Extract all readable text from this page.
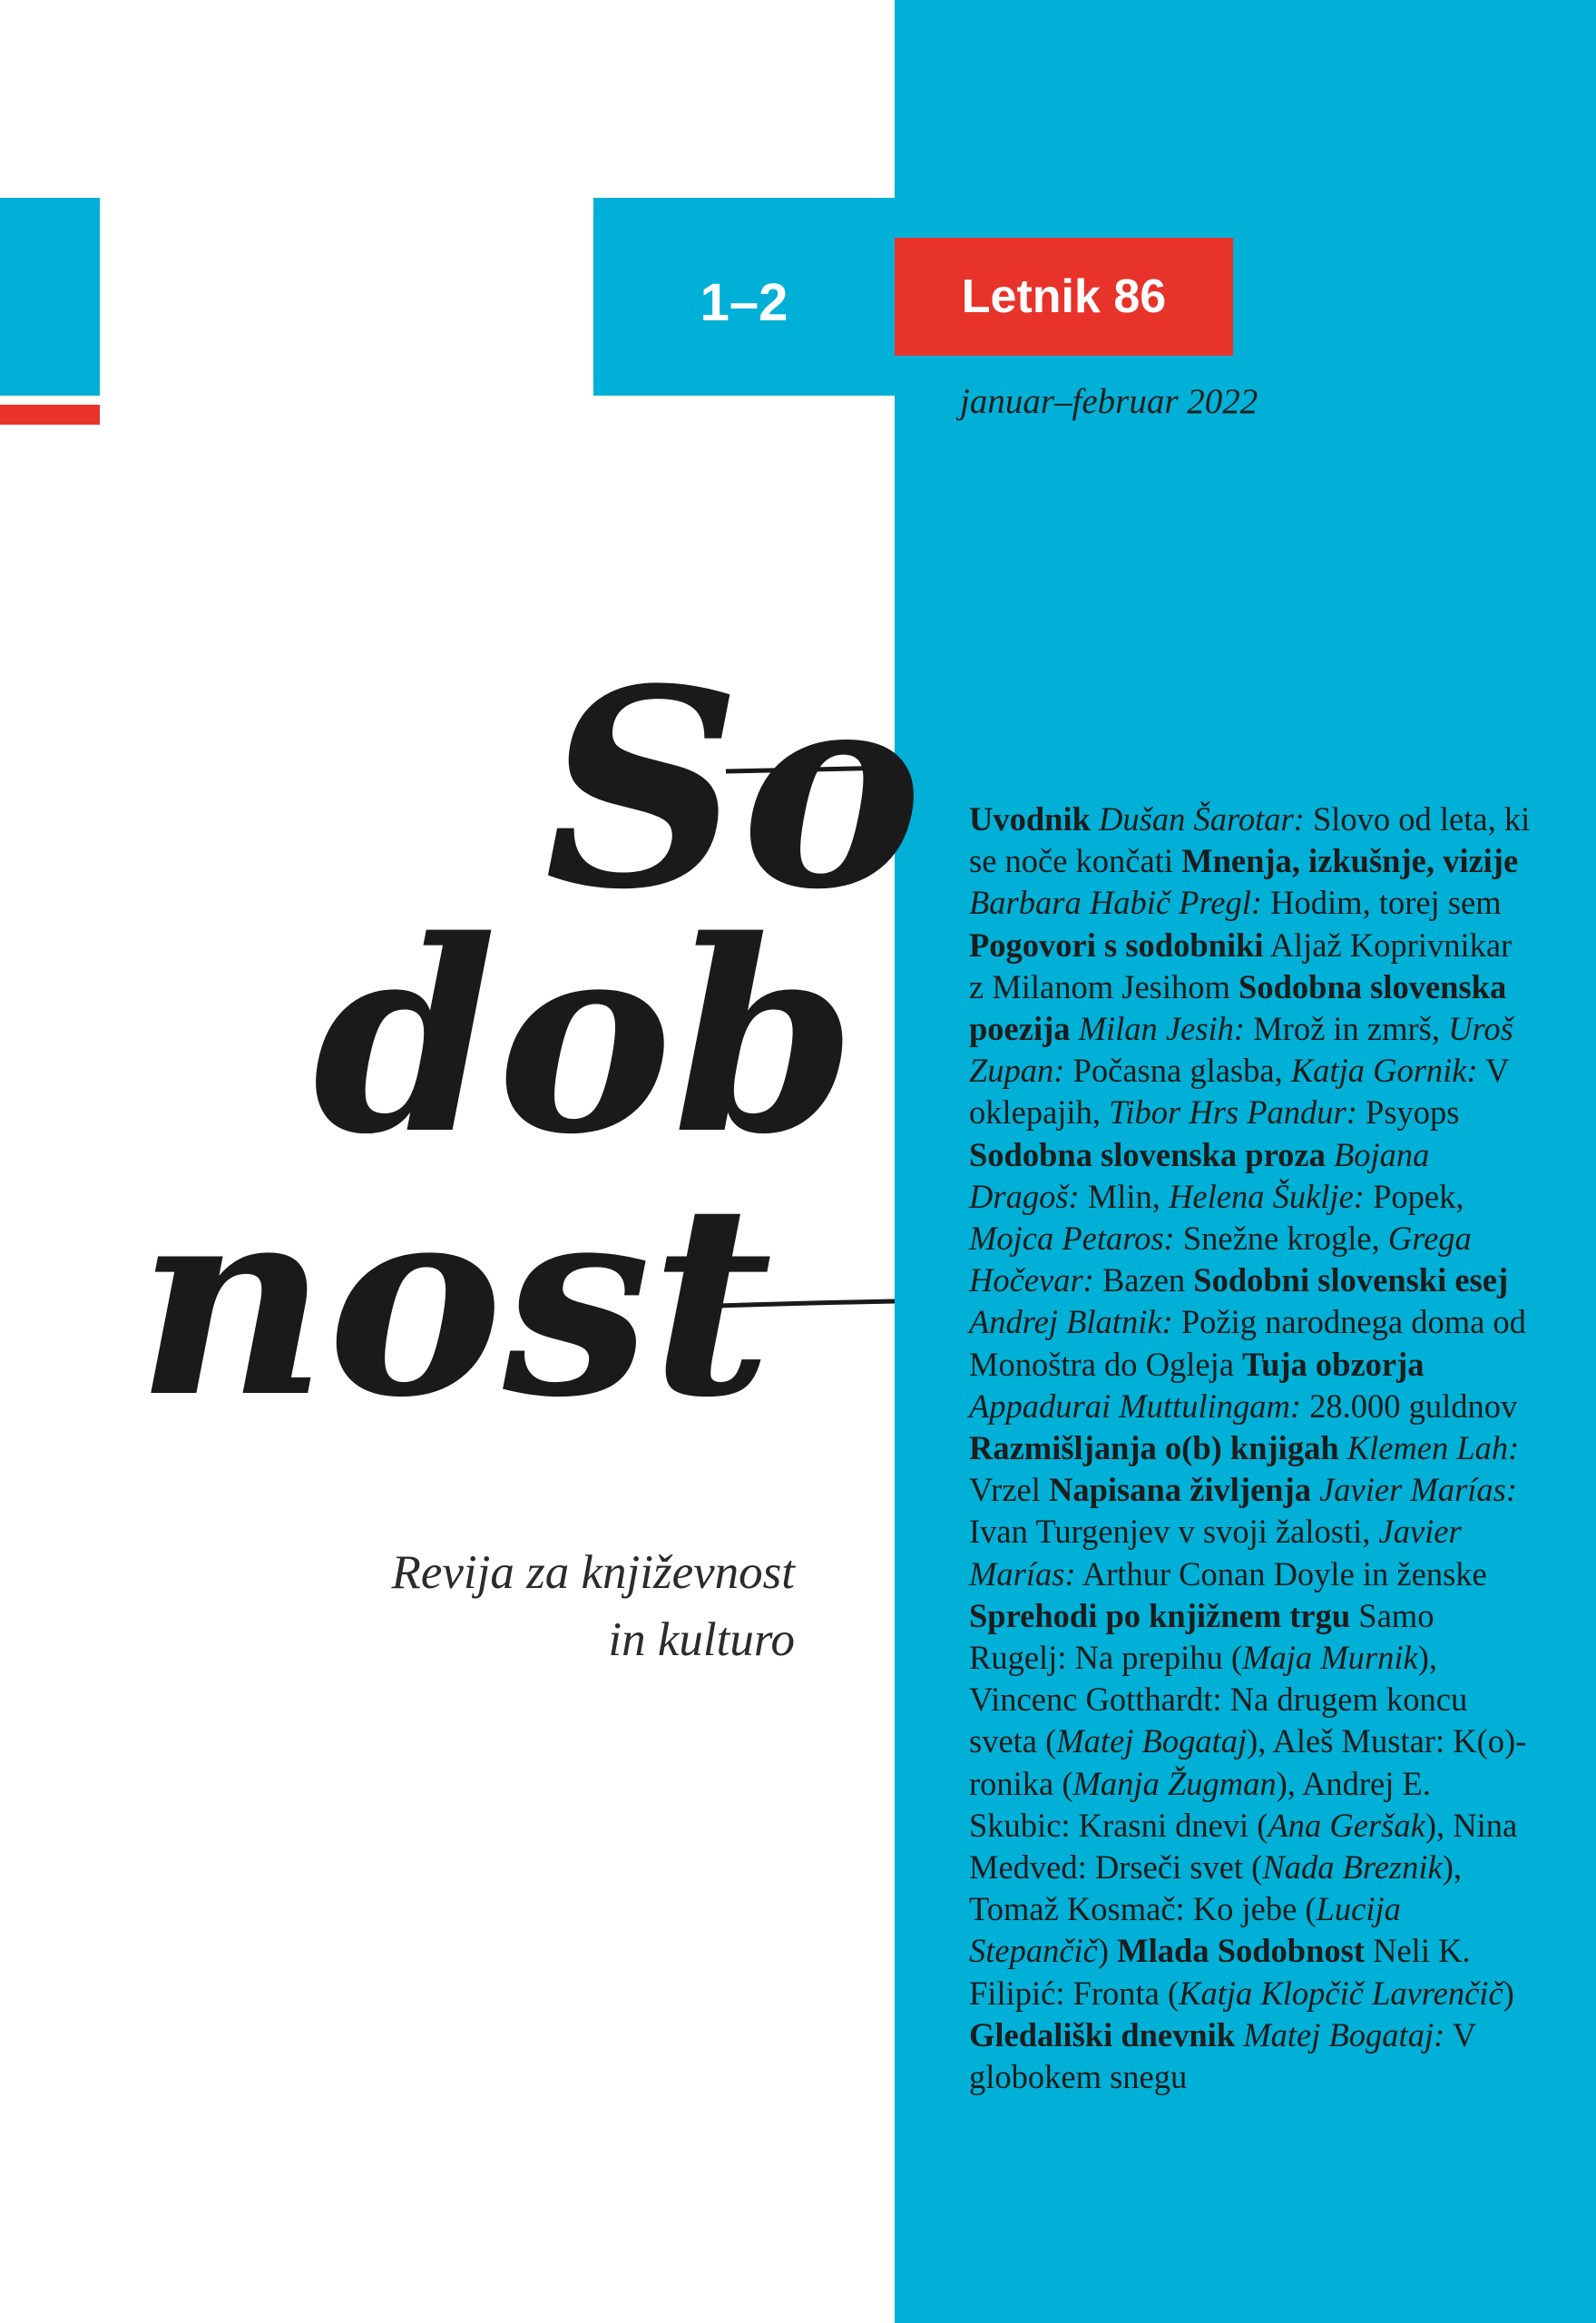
1–2	Letnik 86
januar–februar 2022
So
dob
nost
Revija za književnost
in kulturo
Uvodnik Dušan Šarotar: Slovo od leta, ki se noče končati Mnenja, izkušnje, vizije Barbara Habič Pregl: Hodim, torej sem Pogovori s sodobniki Aljaž Koprivnikar z Milanom Jesihom Sodobna slovenska poezija Milan Jesih: Mrož in zmrš, Uroš Zupan: Počasna glasba, Katja Gornik: V oklepajih, Tibor Hrs Pandur: Psyops Sodobna slovenska proza Bojana Dragoš: Mlin, Helena Šuklje: Popek, Mojca Petaros: Snežne krogle, Grega Hočevar: Bazen Sodobni slovenski esej Andrej Blatnik: Požig narodnega doma od Monoštra do Ogleja Tuja obzorja Appadurai Muttulingam: 28.000 guldnov Razmišljanja o(b) knjigah Klemen Lah: Vrzel Napisana življenja Javier Marías: Ivan Turgenjev v svoji žalosti, Javier Marías: Arthur Conan Doyle in ženske Sprehodi po knjižnem trgu Samo Rugelj: Na prepihu (Maja Murnik), Vincenc Gotthardt: Na drugem koncu sveta (Matej Bogataj), Aleš Mustar: K(o)-ronika (Manja Žugman), Andrej E. Skubic: Krasni dnevi (Ana Geršak), Nina Medved: Drseči svet (Nada Breznik), Tomaž Kosmač: Ko jebe (Lucija Stepančič) Mlada Sodobnost Neli K. Filipić: Fronta (Katja Klopčič Lavrenčič) Gledališki dnevnik Matej Bogataj: V globokem snegu
